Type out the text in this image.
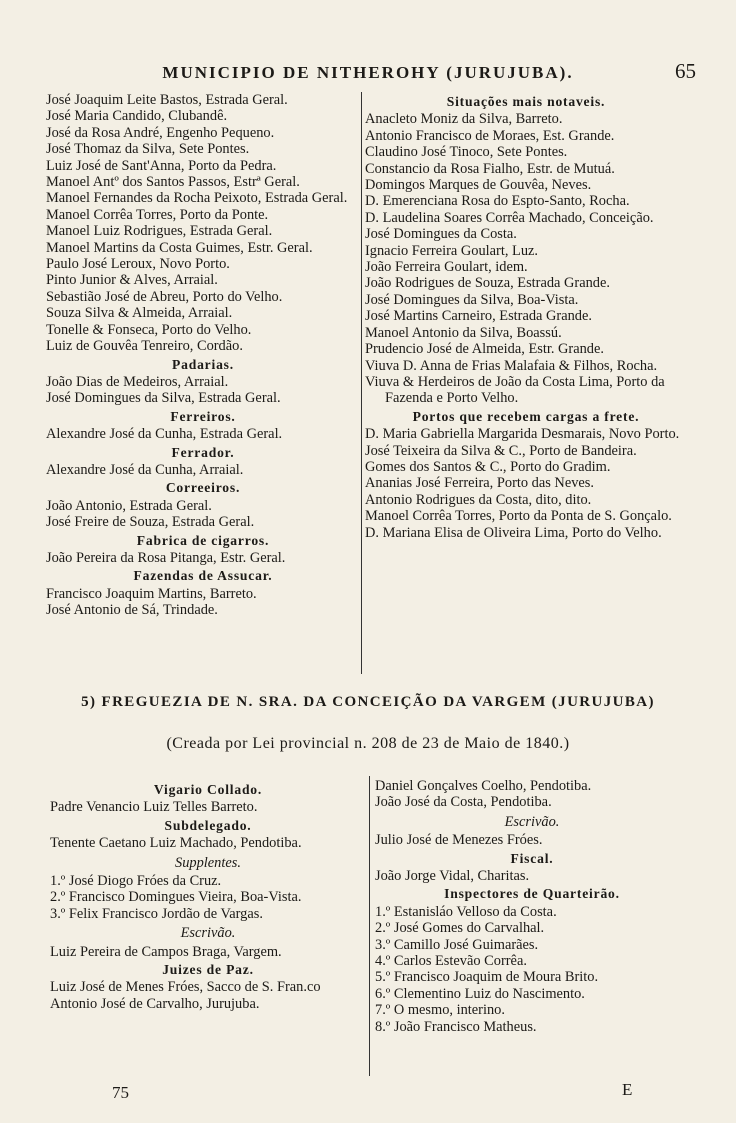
MUNICIPIO DE NITHEROHY (JURUJUBA).	65

José Joaquim Leite Bastos, Estrada Geral.

José Maria Candido, Clubandê.

José da Rosa André, Engenho Pequeno.

José Thomaz da Silva, Sete Pontes.

Luiz José de Sant'Anna, Porto da Pedra.

Manoel Antº dos Santos Passos, Estrª Geral.

Manoel Fernandes da Rocha Peixoto, Estrada Geral.

Manoel Corrêa Torres, Porto da Ponte.

Manoel Luiz Rodrigues, Estrada Geral.

Manoel Martins da Costa Guimes, Estr. Geral.

Paulo José Leroux, Novo Porto.

Pinto Junior & Alves, Arraial.

Sebastião José de Abreu, Porto do Velho.

Souza Silva & Almeida, Arraial.

Tonelle & Fonseca, Porto do Velho.

Luiz de Gouvêa Tenreiro, Cordão.

Padarias.

João Dias de Medeiros, Arraial.

José Domingues da Silva, Estrada Geral.

Ferreiros.

Alexandre José da Cunha, Estrada Geral.

Ferrador.

Alexandre José da Cunha, Arraial.

Correeiros.

João Antonio, Estrada Geral.

José Freire de Souza, Estrada Geral.

Fabrica de cigarros.

João Pereira da Rosa Pitanga, Estr. Geral.

Fazendas de Assucar.

Francisco Joaquim Martins, Barreto.

José Antonio de Sá, Trindade.

Situações mais notaveis.

Anacleto Moniz da Silva, Barreto.

Antonio Francisco de Moraes, Est. Grande.

Claudino José Tinoco, Sete Pontes.

Constancio da Rosa Fialho, Estr. de Mutuá.

Domingos Marques de Gouvêa, Neves.

D. Emerenciana Rosa do Espto-Santo, Rocha.

D. Laudelina Soares Corrêa Machado, Conceição.

José Domingues da Costa.

Ignacio Ferreira Goulart, Luz.

João Ferreira Goulart, idem.

João Rodrigues de Souza, Estrada Grande.

José Domingues da Silva, Boa-Vista.

José Martins Carneiro, Estrada Grande.

Manoel Antonio da Silva, Boassú.

Prudencio José de Almeida, Estr. Grande.

Viuva D. Anna de Frias Malafaia & Filhos, Rocha.

Viuva & Herdeiros de João da Costa Lima, Porto da Fazenda e Porto Velho.

Portos que recebem cargas a frete.

D. Maria Gabriella Margarida Desmarais, Novo Porto.

José Teixeira da Silva & C., Porto de Bandeira.

Gomes dos Santos & C., Porto do Gradim.

Ananias José Ferreira, Porto das Neves.

Antonio Rodrigues da Costa, dito, dito.

Manoel Corrêa Torres, Porto da Ponta de S. Gonçalo.

D. Mariana Elisa de Oliveira Lima, Porto do Velho.

5) FREGUEZIA DE N. SRA. DA CONCEIÇÃO DA VARGEM (JURUJUBA)
(Creada por Lei provincial n. 208 de 23 de Maio de 1840.)

Vigario Collado.

Padre Venancio Luiz Telles Barreto.

Subdelegado.

Tenente Caetano Luiz Machado, Pendotiba.

Supplentes.

1.º José Diogo Fróes da Cruz.

2.º Francisco Domingues Vieira, Boa-Vista.

3.º Felix Francisco Jordão de Vargas.

Escrivão.

Luiz Pereira de Campos Braga, Vargem.

Juizes de Paz.

Luiz José de Menes Fróes, Sacco de S. Fran.co

Antonio José de Carvalho, Jurujuba.

Daniel Gonçalves Coelho, Pendotiba.

João José da Costa, Pendotiba.

Escrivão.

Julio José de Menezes Fróes.

Fiscal.

João Jorge Vidal, Charitas.

Inspectores de Quarteirão.

1.º Estanisláo Velloso da Costa.

2.º José Gomes do Carvalhal.

3.º Camillo José Guimarães.

4.º Carlos Estevão Corrêa.

5.º Francisco Joaquim de Moura Brito.

6.º Clementino Luiz do Nascimento.

7.º O mesmo, interino.

8.º João Francisco Matheus.

75	E
